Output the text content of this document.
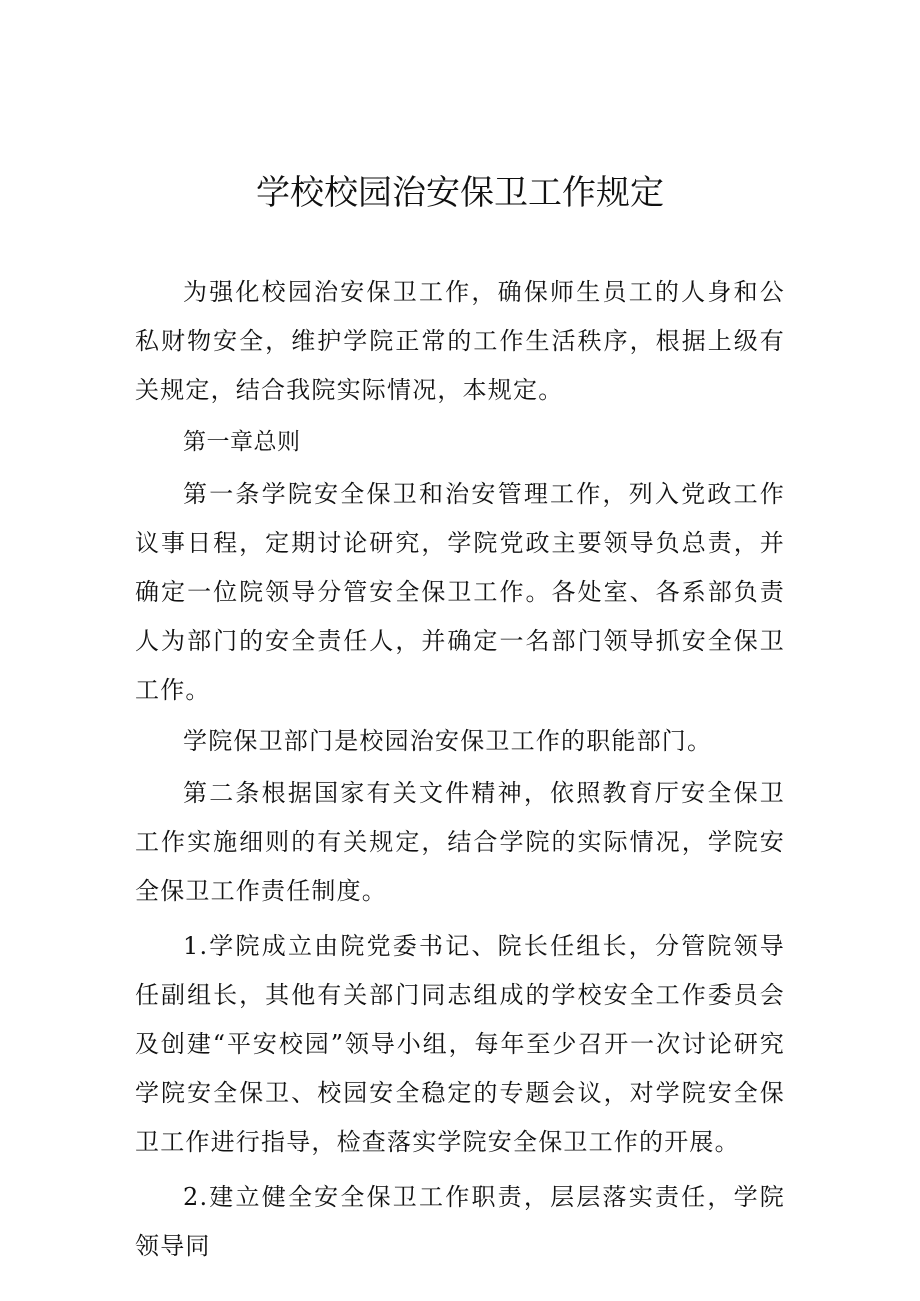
学校校园治安保卫工作规定

为强化校园治安保卫工作，确保师生员工的人身和公私财物安全，维护学院正常的工作生活秩序，根据上级有关规定，结合我院实际情况，本规定。

第一章总则

第一条学院安全保卫和治安管理工作，列入党政工作议事日程，定期讨论研究，学院党政主要领导负总责，并确定一位院领导分管安全保卫工作。各处室、各系部负责人为部门的安全责任人，并确定一名部门领导抓安全保卫工作。

学院保卫部门是校园治安保卫工作的职能部门。

第二条根据国家有关文件精神，依照教育厅安全保卫工作实施细则的有关规定，结合学院的实际情况，学院安全保卫工作责任制度。

1.学院成立由院党委书记、院长任组长，分管院领导任副组长，其他有关部门同志组成的学校安全工作委员会及创建“平安校园”领导小组，每年至少召开一次讨论研究学院安全保卫、校园安全稳定的专题会议，对学院安全保卫工作进行指导，检查落实学院安全保卫工作的开展。

2.建立健全安全保卫工作职责，层层落实责任，学院领导同
